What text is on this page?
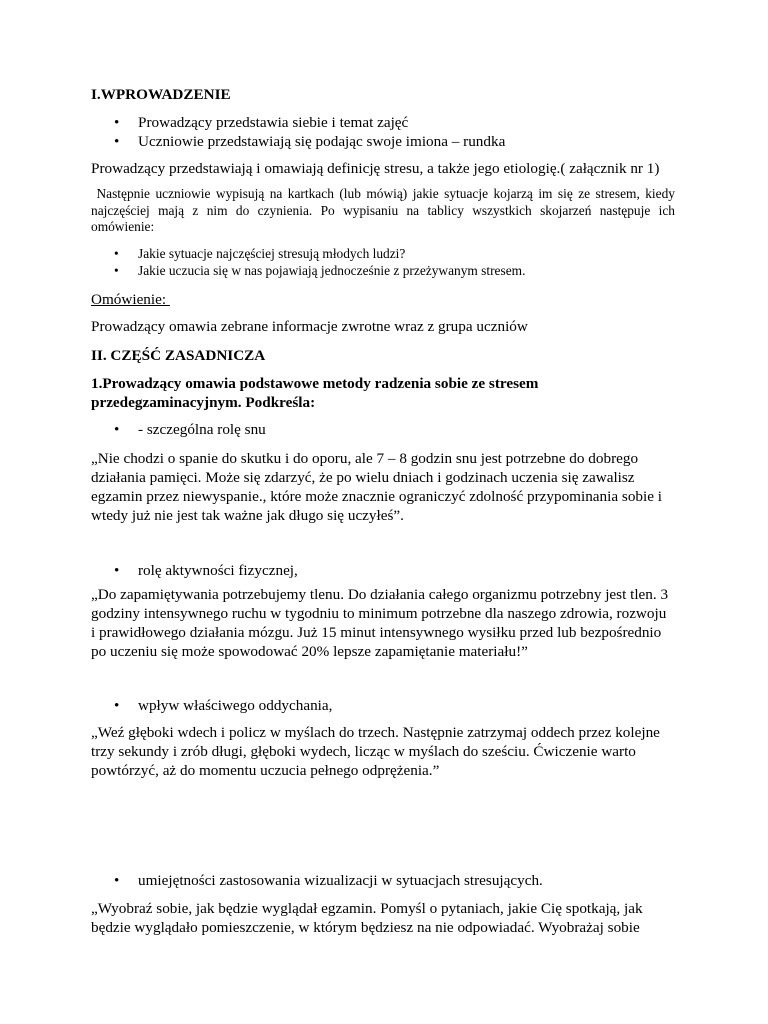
I.WPROWADZENIE
• Prowadzący przedstawia siebie i temat zajęć
• Uczniowie przedstawiają się podając swoje imiona – rundka
Prowadzący przedstawiają i omawiają definicję stresu, a także jego etiologię.( załącznik nr 1)
Następnie uczniowie wypisują na kartkach (lub mówią) jakie sytuacje kojarzą im się ze stresem, kiedy najczęściej mają z nim do czynienia. Po wypisaniu na tablicy wszystkich skojarzeń następuje ich omówienie:
• Jakie sytuacje najczęściej stresują młodych ludzi?
• Jakie uczucia się w nas pojawiają jednocześnie z przeżywanym stresem.
Omówienie:
Prowadzący omawia zebrane informacje zwrotne wraz z grupa uczniów
II. CZĘŚĆ ZASADNICZA
1.Prowadzący omawia podstawowe metody radzenia sobie ze stresem przedegzaminacyjnym. Podkreśla:
• - szczególna rolę snu
„Nie chodzi o spanie do skutku i do oporu, ale 7 – 8 godzin snu jest potrzebne do dobrego działania pamięci. Może się zdarzyć, że po wielu dniach i godzinach uczenia się zawalisz egzamin przez niewyspanie., które może znacznie ograniczyć zdolność przypominania sobie i wtedy już nie jest tak ważne jak długo się uczyłeś”.
• rolę aktywności fizycznej,
„Do zapamiętywania potrzebujemy tlenu. Do działania całego organizmu potrzebny jest tlen. 3 godziny intensywnego ruchu w tygodniu to minimum potrzebne dla naszego zdrowia, rozwoju i prawidłowego działania mózgu. Już 15 minut intensywnego wysiłku przed lub bezpośrednio po uczeniu się może spowodować 20% lepsze zapamiętanie materiału!”
• wpływ właściwego oddychania,
„Weź głęboki wdech i policz w myślach do trzech. Następnie zatrzymaj oddech przez kolejne trzy sekundy i zrób długi, głęboki wydech, licząc w myślach do sześciu. Ćwiczenie warto powtórzyć, aż do momentu uczucia pełnego odprężenia.”
• umiejętności zastosowania wizualizacji w sytuacjach stresujących.
„Wyobraź sobie, jak będzie wyglądał egzamin. Pomyśl o pytaniach, jakie Cię spotkają, jak będzie wyglądało pomieszczenie, w którym będziesz na nie odpowiadać. Wyobrażaj sobie
